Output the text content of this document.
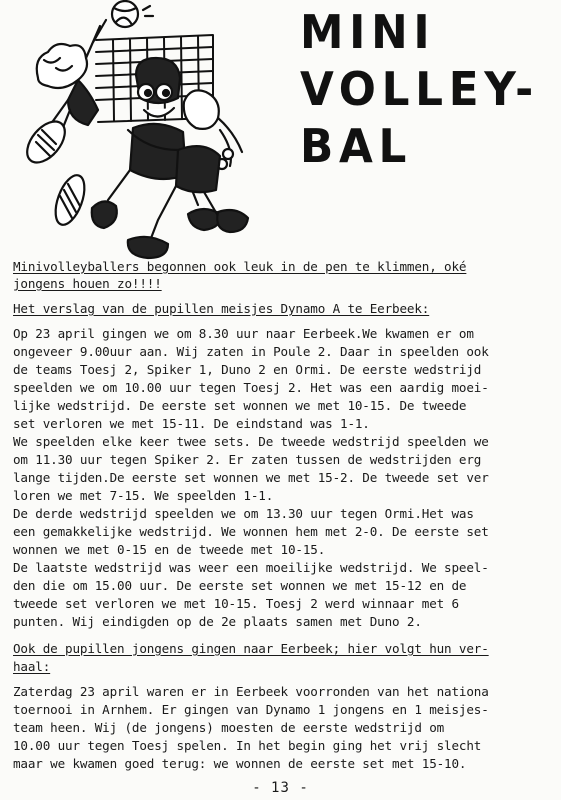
MINI
VOLLEY-
BAL
Minivolleyballers begonnen ook leuk in de pen te klimmen, oké
jongens houen zo!!!!
Het verslag van de pupillen meisjes Dynamo A te Eerbeek:
Op 23 april gingen we om 8.30 uur naar Eerbeek.We kwamen er om
ongeveer 9.00uur aan. Wij zaten in Poule 2. Daar in speelden ook
de teams Toesj 2, Spiker 1, Duno 2 en Ormi. De eerste wedstrijd
speelden we om 10.00 uur tegen Toesj 2. Het was een aardig moei-
lijke wedstrijd. De eerste set wonnen we met 10-15. De tweede
set verloren we met 15-11. De eindstand was 1-1.
We speelden elke keer twee sets. De tweede wedstrijd speelden we
om 11.30 uur tegen Spiker 2. Er zaten tussen de wedstrijden erg
lange tijden.De eerste set wonnen we met 15-2. De tweede set ver
loren we met 7-15. We speelden 1-1.
De derde wedstrijd speelden we om 13.30 uur tegen Ormi.Het was
een gemakkelijke wedstrijd. We wonnen hem met 2-0. De eerste set
wonnen we met 0-15 en de tweede met 10-15.
De laatste wedstrijd was weer een moeilijke wedstrijd. We speel-
den die om 15.00 uur. De eerste set wonnen we met 15-12 en de
tweede set verloren we met 10-15. Toesj 2 werd winnaar met 6
punten. Wij eindigden op de 2e plaats samen met Duno 2.
Ook de pupillen jongens gingen naar Eerbeek; hier volgt hun ver-
haal:
Zaterdag 23 april waren er in Eerbeek voorronden van het nationa
toernooi in Arnhem. Er gingen van Dynamo 1 jongens en 1 meisjes-
team heen. Wij (de jongens) moesten de eerste wedstrijd om
10.00 uur tegen Toesj spelen. In het begin ging het vrij slecht
maar we kwamen goed terug: we wonnen de eerste set met 15-10.
- 13 -
